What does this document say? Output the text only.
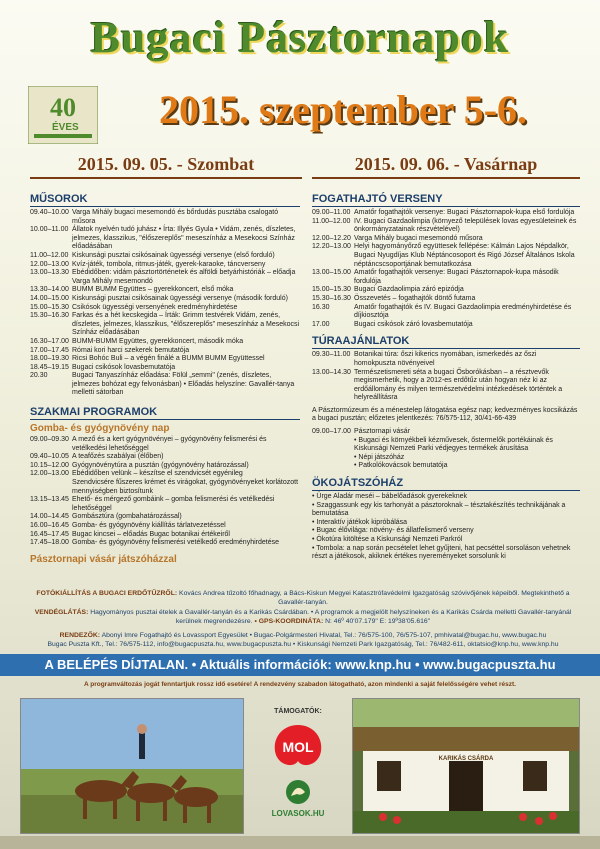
Bugaci Pásztornapok
40
ÉVES	2015. szeptember 5-6.
2015. 09. 05. - Szombat	2015. 09. 06. - Vasárnap
MŰSOROK
09.40–10.00 Varga Mihály bugaci mesemondó és bőrdudás pusztába csalogató műsora
10.00–11.00 Állatok nyelvén tudó juhász • Írta: Illyés Gyula • Vidám, zenés, díszletes, jelmezes, klasszikus, "élőszereplős" meseszínház a Mesekocsi Színház előadásában
11.00–12.00 Kiskunsági pusztai csikósainak ügyességi versenye (első forduló)
12.00–13.00 Kvíz-játék, tombola, ritmus-játék, gyerek-karaoke, táncverseny
13.00–13.30 Ebédidőben: vidám pásztortörténetek és alföldi betyárhistóriák – előadja Varga Mihály mesemondó
13.30–14.00 BUMM BUMM Együttes – gyerekkoncert, első móka
14.00–15.00 Kiskunsági pusztai csikósainak ügyességi versenye (második forduló)
15.00–15.30 Csikósok ügyességi versenyének eredményhirdetése
15.30–16.30 Farkas és a hét kecskegida – Írták: Grimm testvérek Vidám, zenés, díszletes, jelmezes, klasszikus, "élőszereplős" meseszínház a Mesekocsi Színház előadásában
16.30–17.00 BUMM-BUMM Együttes, gyerekkoncert, második móka
17.00–17.45 Római kori harci szekerek bemutatója
18.00–19.30 Ricsi Bohóc Buli – a végén finálé a BUMM BUMM Együttessel
18.45–19.15 Bugaci csikósok lovasbemutatója
20.30	Bugaci Tanyaszínház előadása: Fölül „semmi" (zenés, díszletes, jelmezes bohózat egy felvonásban) • Előadás helyszíne: Gavallér-tanya melletti sátorban
SZAKMAI PROGRAMOK
Gomba- és gyógynövény nap
09.00–09.30 A mező és a kert gyógynövényei – gyógynövény felismerési és vetélkedési lehetőséggel
09.40–10.05 A teafőzés szabályai (élőben)
10.15–12.00 Gyógynövénytúra a pusztán (gyógynövény határozással)
12.00–13.00 Ebédidőben velünk – készítse el szendvicsét egyénileg
Szendvicsére fűszeres krémet és virágokat, gyógynövényeket korlátozott mennyiségben biztosítunk
13.15–13.45 Ehető- és mérgező gombáink – gomba felismerési és vetélkedési lehetőséggel
14.00–14.45 Gombásztúra (gombahatározással)
16.00–16.45 Gomba- és gyógynövény kiállítás tárlatvezetéssel
16.45–17.45 Bugac kincsei – előadás Bugac botanikai értékeiről
17.45–18.00 Gomba- és gyógynövény felismerési vetélkedő eredményhirdetése
Pásztornapi vásár játszóházzal
FOGATHAJTÓ VERSENY
09.00–11.00 Amatőr fogathajtók versenye: Bugaci Pásztornapok-kupa első fordulója
11.00–12.00 IV. Bugaci Gazdaolimpia (környező települések lovas egyesületeinek és önkormányzatainak részvételével)
12.00–12.20 Varga Mihály bugaci mesemondó műsora
12.20–13.00 Helyi hagyományőrző együttesek fellépése: Kálmán Lajos Népdalkör, Bugaci Nyugdíjas Klub Néptáncosoport és Rigó József Általános Iskola néptáncscsoportjának bemutatkozása
13.00–15.00 Amatőr fogathajtók versenye: Bugaci Pásztornapok-kupa második fordulója
15.00–15.30 Bugaci Gazdaolimpia záró epizódja
15.30–16.30 Összevetés – fogathajtók döntő futama
16.30	Amatőr fogathajtók és IV. Bugaci Gazdaolimpia eredményhirdetése és díjkiosztója
17.00	Bugaci csikósok záró lovasbemutatója
TÚRAAJÁNLATOK
09.30–11.00 Botanikai túra: őszi kikerics nyomában, ismerkedés az őszi homokpuszta növényeivel
13.00–14.30 Természetismereti séta a bugaci Ősborókásban – a résztvevők megismerhetik, hogy a 2012-es erdőtűz után hogyan néz ki az erdőállomány és milyen természetvédelmi intézkedések történtek a helyreállításra
A Pásztormúzeum és a ménestelep látogatása egész nap; kedvezményes kocsikázás a bugaci pusztán; előzetes jelentkezés: 76/575-112, 30/41-66-439
09.00–17.00 Pásztornapi vásár
• Bugaci és környékbeli kézművesek, őstermelők portékáinak és Kiskunsági Nemzeti Parki védjegyes termékek árusítása
• Népi játszóház
• Patkolókovácsok bemutatója
ÖKOJÁTSZÓHÁZ
• Ürge Aladár meséi – bábelőadások gyerekeknek
• Szaggassunk egy kis tarhonyát a pásztoroknak – tésztakészítés technikájának a bemutatása
• Interaktív játékok kipróbálása
• Bugac élővilága: növény- és állatfelismerő verseny
• Ökotúra kitöltése a Kiskunsági Nemzeti Parkról
• Tombola: a nap során pecsételet lehet gyűjteni, hat pecséttel sorsoláson vehetnek részt a játékosok, akiknek értékes nyereményeket sorsolunk ki
FOTÓKIÁLLÍTÁS A BUGACI ERDŐTŰZRŐL: Kovács Andrea tűzoltó főhadnagy, a Bács-Kiskun Megyei Katasztrófavédelmi Igazgatóság szóvivőjének képeiből. Megtekinthető a Gavallér-tanyán.
VENDÉGLÁTÁS: Hagyományos pusztai ételek a Gavallér-tanyán és a Karikás Csárdában. • A programok a megjelölt helyszíneken és a Karikás Csárda melletti Gavallér-tanyánál kerülnek megrendezésre. • GPS-KOORDINÁTA: N: 46º 40'07.179" E: 19º38'05.616"
RENDEZŐK: Abonyi Imre Fogathajtó és Lovassport Egyesület • Bugac-Polgármesteri Hivatal, Tel.: 76/575-100, 76/575-107, pmhivatal@bugac.hu, www.bugac.hu
Bugac Puszta Kft., Tel.: 76/575-112, info@bugacpuszta.hu, www.bugacpuszta.hu • Kiskunsági Nemzeti Park Igazgatóság, Tel.: 76/482-611, oktatsio@knp.hu, www.knp.hu
A BELÉPÉS DÍJTALAN. • Aktuális információk: www.knp.hu • www.bugacpuszta.hu
A programváltozás jogát fenntartjuk rossz idő esetére! A rendezvény szabadon látogatható, azon mindenki a saját felelősségére vehet részt.
TÁMOGATÓK:
MOL

LOVASOK.HU
KARIKÁS CSÁRDA
